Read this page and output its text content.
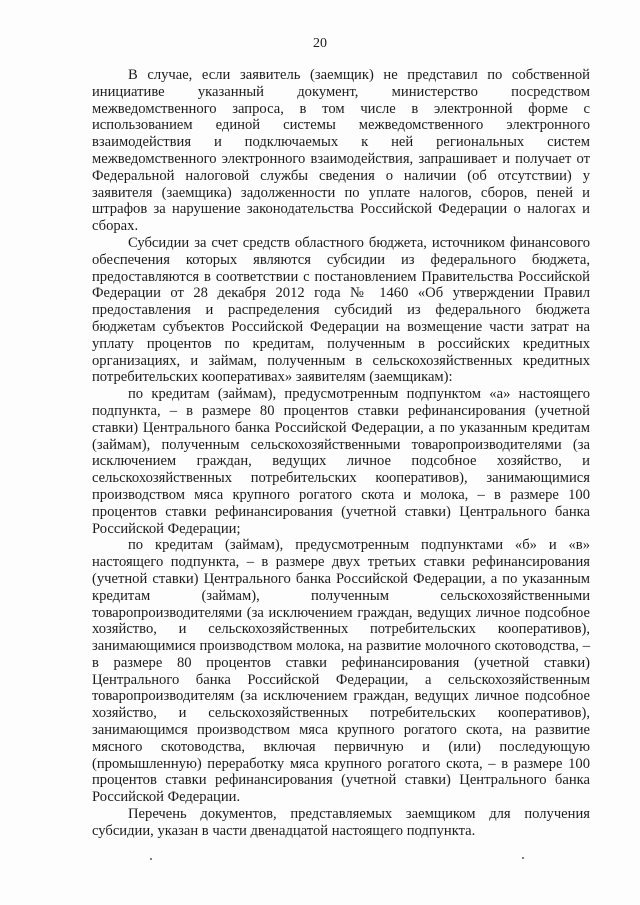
20

В случае, если заявитель (заемщик) не представил по собственной инициативе указанный документ, министерство посредством межведомственного запроса, в том числе в электронной форме с использованием единой системы межведомственного электронного взаимодействия и подключаемых к ней региональных систем межведомственного электронного взаимодействия, запрашивает и получает от Федеральной налоговой службы сведения о наличии (об отсутствии) у заявителя (заемщика) задолженности по уплате налогов, сборов, пеней и штрафов за нарушение законодательства Российской Федерации о налогах и сборах.

Субсидии за счет средств областного бюджета, источником финансового обеспечения которых являются субсидии из федерального бюджета, предоставляются в соответствии с постановлением Правительства Российской Федерации от 28 декабря 2012 года № 1460 «Об утверждении Правил предоставления и распределения субсидий из федерального бюджета бюджетам субъектов Российской Федерации на возмещение части затрат на уплату процентов по кредитам, полученным в российских кредитных организациях, и займам, полученным в сельскохозяйственных кредитных потребительских кооперативах» заявителям (заемщикам):

по кредитам (займам), предусмотренным подпунктом «а» настоящего подпункта, – в размере 80 процентов ставки рефинансирования (учетной ставки) Центрального банка Российской Федерации, а по указанным кредитам (займам), полученным сельскохозяйственными товаропроизводителями (за исключением граждан, ведущих личное подсобное хозяйство, и сельскохозяйственных потребительских кооперативов), занимающимися производством мяса крупного рогатого скота и молока, – в размере 100 процентов ставки рефинансирования (учетной ставки) Центрального банка Российской Федерации;

по кредитам (займам), предусмотренным подпунктами «б» и «в» настоящего подпункта, – в размере двух третьих ставки рефинансирования (учетной ставки) Центрального банка Российской Федерации, а по указанным кредитам (займам), полученным сельскохозяйственными товаропроизводителями (за исключением граждан, ведущих личное подсобное хозяйство, и сельскохозяйственных потребительских кооперативов), занимающимися производством молока, на развитие молочного скотоводства, – в размере 80 процентов ставки рефинансирования (учетной ставки) Центрального банка Российской Федерации, а сельскохозяйственным товаропроизводителям (за исключением граждан, ведущих личное подсобное хозяйство, и сельскохозяйственных потребительских кооперативов), занимающимся производством мяса крупного рогатого скота, на развитие мясного скотоводства, включая первичную и (или) последующую (промышленную) переработку мяса крупного рогатого скота, – в размере 100 процентов ставки рефинансирования (учетной ставки) Центрального банка Российской Федерации.

Перечень документов, представляемых заемщиком для получения субсидии, указан в части двенадцатой настоящего подпункта.
